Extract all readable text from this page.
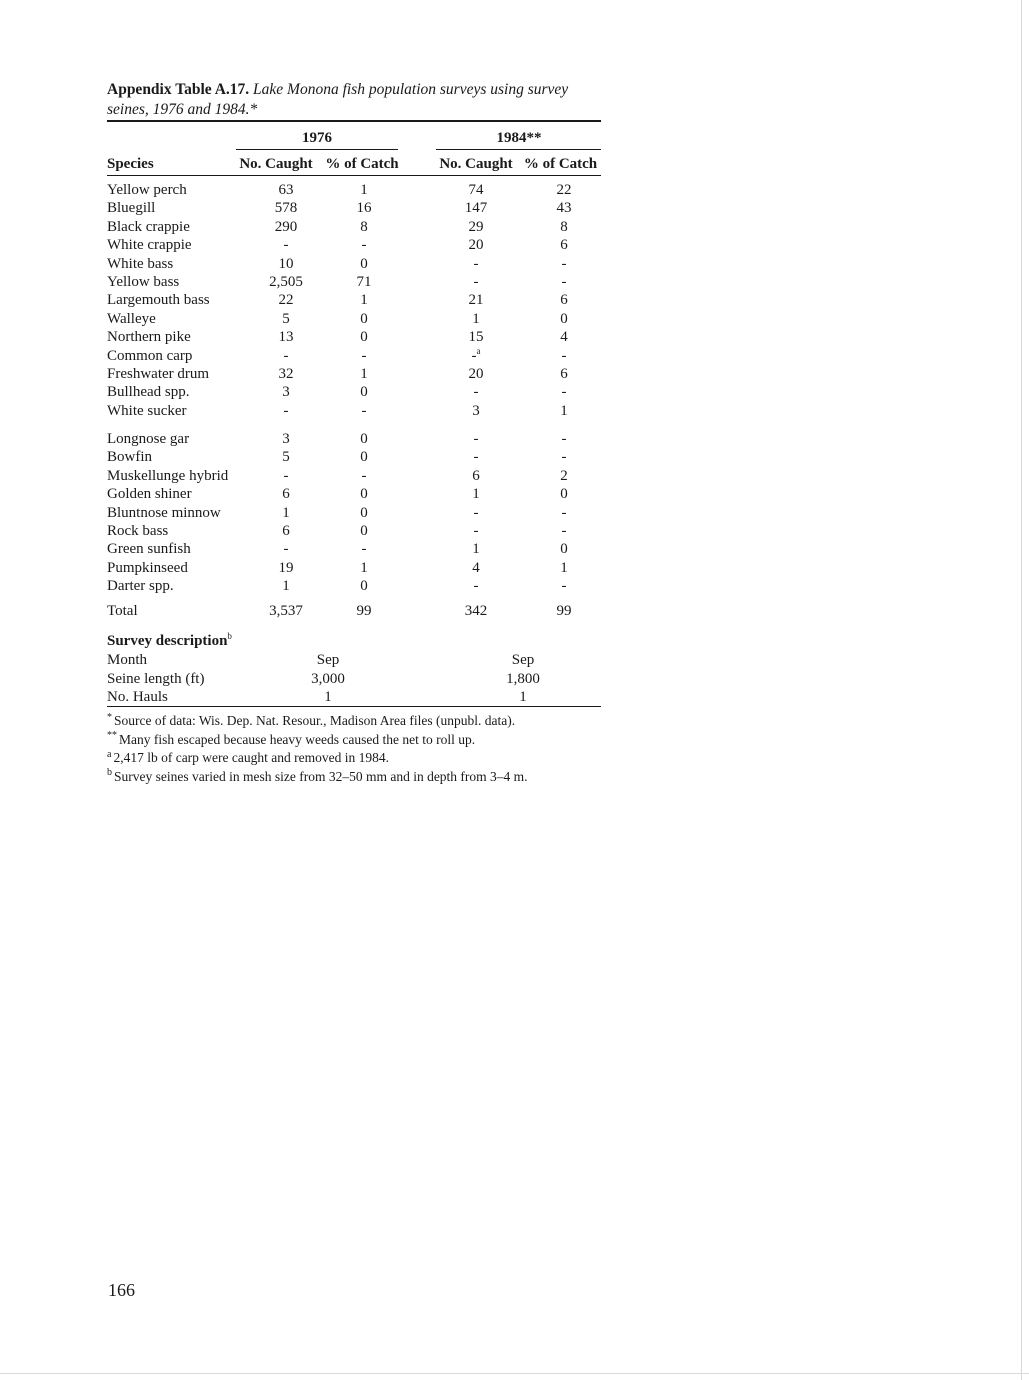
Appendix Table A.17. Lake Monona fish population surveys using survey
seines, 1976 and 1984.*
1976	1984**
Species	No. Caught % of Catch	No. Caught % of Catch
Yellow perch	63	1	74	22
Bluegill	578	16	147	43
Black crappie	290	8	29	8
White crappie	-	-	20	6
White bass	10	0	-	-
Yellow bass	2,505	71	-	-
Largemouth bass	22	1	21	6
Walleye	5	0	1	0
Northern pike	13	0	15	4
Common carp	-	-	-$^a$	-
Freshwater drum	32	1	20	6
Bullhead spp.	3	0	-	-
White sucker	-	-	3	1
Longnose gar	3	0	-	-
Bowfin	5	0	-	-
Muskellunge hybrid	-	-	6	2
Golden shiner	6	0	1	0
Bluntnose minnow	1	0	-	-
Rock bass	6	0	-	-
Green sunfish	-	-	1	0
Pumpkinseed	19	1	4	1
Darter spp.	1	0	-	-
Total	3,537	99	342	99
Survey description$^b$
Month	Sep	Sep
Seine length (ft)	3,000	1,800
No. Hauls	1	1
* Source of data: Wis. Dep. Nat. Resour., Madison Area files (unpubl. data).
** Many fish escaped because heavy weeds caused the net to roll up.
$^a$ 2,417 lb of carp were caught and removed in 1984.
$^b$ Survey seines varied in mesh size from 32–50 mm and in depth from 3–4 m.
166
